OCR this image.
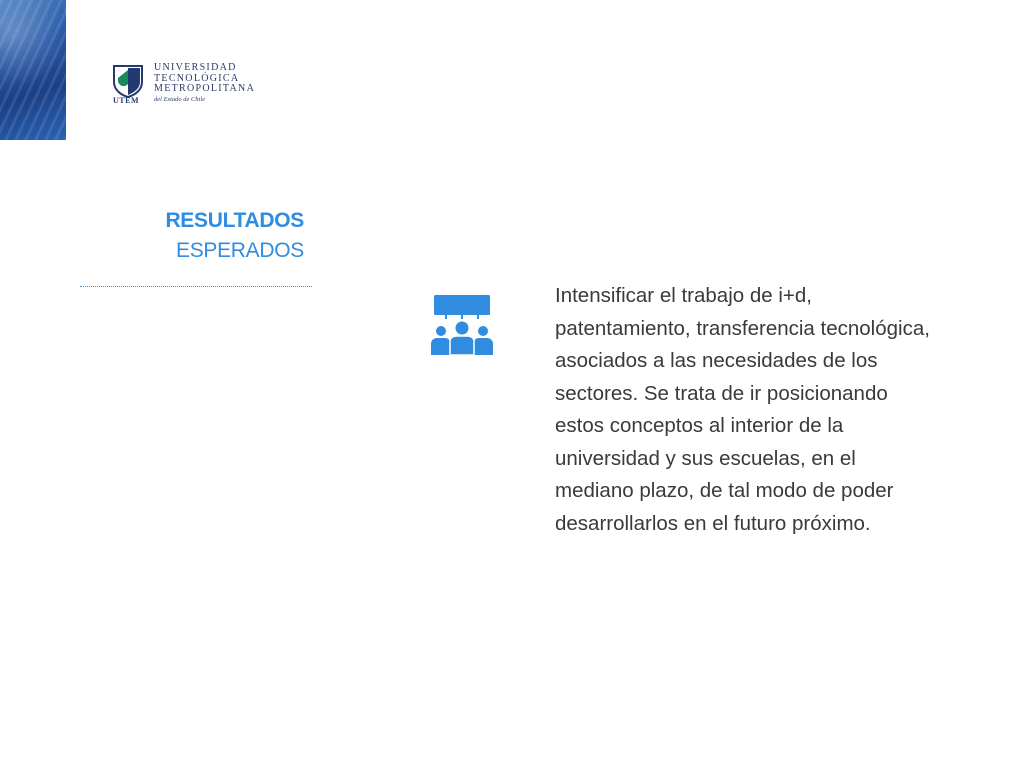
UTEM
UNIVERSIDAD
TECNOLÓGICA
METROPOLITANA
del Estado de Chile
RESULTADOS
ESPERADOS

Intensificar el trabajo de i+d, patentamiento, transferencia tecnológica, asociados a las necesidades de los sectores. Se trata de ir posicionando estos conceptos al interior de la universidad y sus escuelas, en el mediano plazo, de tal modo de poder desarrollarlos en el futuro próximo.
